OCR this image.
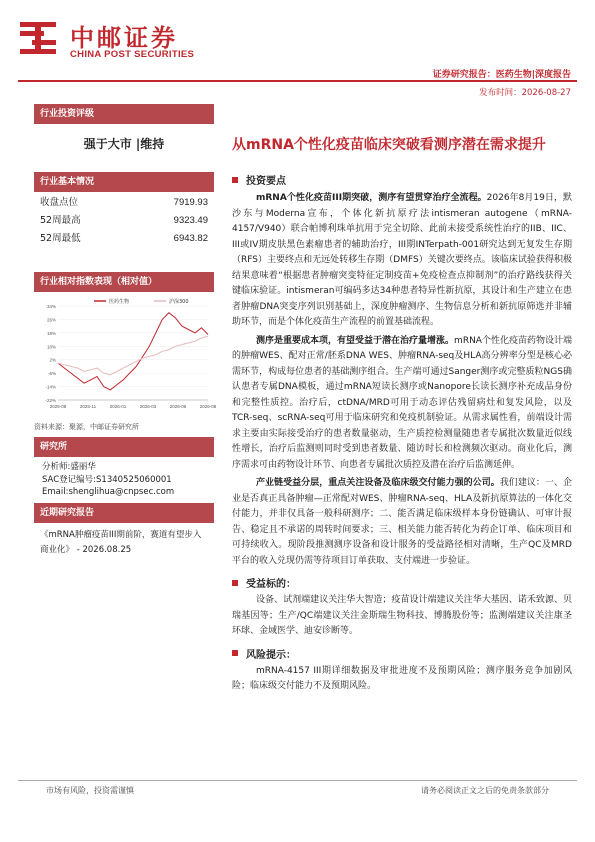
中邮证券
CHINA POST SECURITIES
证券研究报告：医药生物|深度报告
发布时间：2026-08-27
行业投资评级
强于大市 |维持
行业基本情况
收盘点位	7919.93
52周最高	9323.49
52周最低	6943.82
行业相对指数表现（相对值）
34%
26%
18%
10%
2%
-6%
-14%
-22%
2025-08	2025-11	2026-01	2026-03	2026-06	2026-08
医药生物	沪深300
资料来源：聚源，中邮证券研究所
研究所
分析师:盛丽华
SAC登记编号:S1340525060001
Email:shenglihua@cnpsec.com
近期研究报告
《mRNA肿瘤疫苗III期前阶，赛道有望步入商业化》 - 2026.08.25
从mRNA个性化疫苗临床突破看测序潜在需求提升
投资要点

mRNA个性化疫苗III期突破，测序有望贯穿治疗全流程。2026年8月19日，默沙东与Moderna宣布，个体化新抗原疗法intismeran autogene（mRNA-4157/V940）联合帕博利珠单抗用于完全切除、此前未接受系统性治疗的IIB、IIC、III或IV期皮肤黑色素瘤患者的辅助治疗，III期INTerpath-001研究达到无复发生存期（RFS）主要终点和无远处转移生存期（DMFS）关键次要终点。该临床试验获得积极结果意味着“根据患者肿瘤突变特征定制疫苗+免疫检查点抑制剂”的治疗路线获得关键临床验证。intismeran可编码多达34种患者特异性新抗原，其设计和生产建立在患者肿瘤DNA突变序列识别基础上，深度肿瘤测序、生物信息分析和新抗原筛选并非辅助环节，而是个体化疫苗生产流程的前置基础流程。

测序是重要成本项，有望受益于潜在治疗量增涨。mRNA个性化疫苗药物设计端的肿瘤WES、配对正常/胚系DNA WES、肿瘤RNA-seq及HLA高分辨率分型是核心必需环节，构成每位患者的基础测序组合。生产端可通过Sanger测序或完整质粒NGS确认患者专属DNA模板，通过mRNA短读长测序或Nanopore长读长测序补充成品身份和完整性质控。治疗后，ctDNA/MRD可用于动态评估残留病灶和复发风险，以及TCR-seq、scRNA-seq可用于临床研究和免疫机制验证。从需求属性看，前端设计需求主要由实际接受治疗的患者数量驱动，生产质控检测量随患者专属批次数量近似线性增长，治疗后监测则同时受到患者数量、随访时长和检测频次驱动。商业化后，测序需求可由药物设计环节、向患者专属批次质控及潜在治疗后监测延伸。

产业链受益分层，重点关注设备及临床级交付能力强的公司。我们建议：一、企业是否真正具备肿瘤—正常配对WES、肿瘤RNA-seq、HLA及新抗原算法的一体化交付能力，并非仅具备一般科研测序；二、能否满足临床级样本身份链确认、可审计报告、稳定且不承诺的周转时间要求；三、相关能力能否转化为药企订单、临床项目和可持续收入。现阶段推测测序设备和设计服务的受益路径相对清晰，生产QC及MRD平台的收入兑现仍需等待项目订单获取、支付端进一步验证。

受益标的：

设备、试剂端建议关注华大智造；疫苗设计端建议关注华大基因、诺禾致源、贝瑞基因等；生产/QC端建议关注金斯瑞生物科技、博腾股份等；监测端建议关注康圣环球、金域医学、迪安诊断等。

风险提示：

mRNA-4157 III期详细数据及审批进度不及预期风险；测序服务竞争加剧风险；临床级交付能力不及预期风险。

市场有风险，投资需谨慎	请务必阅读正文之后的免责条款部分
